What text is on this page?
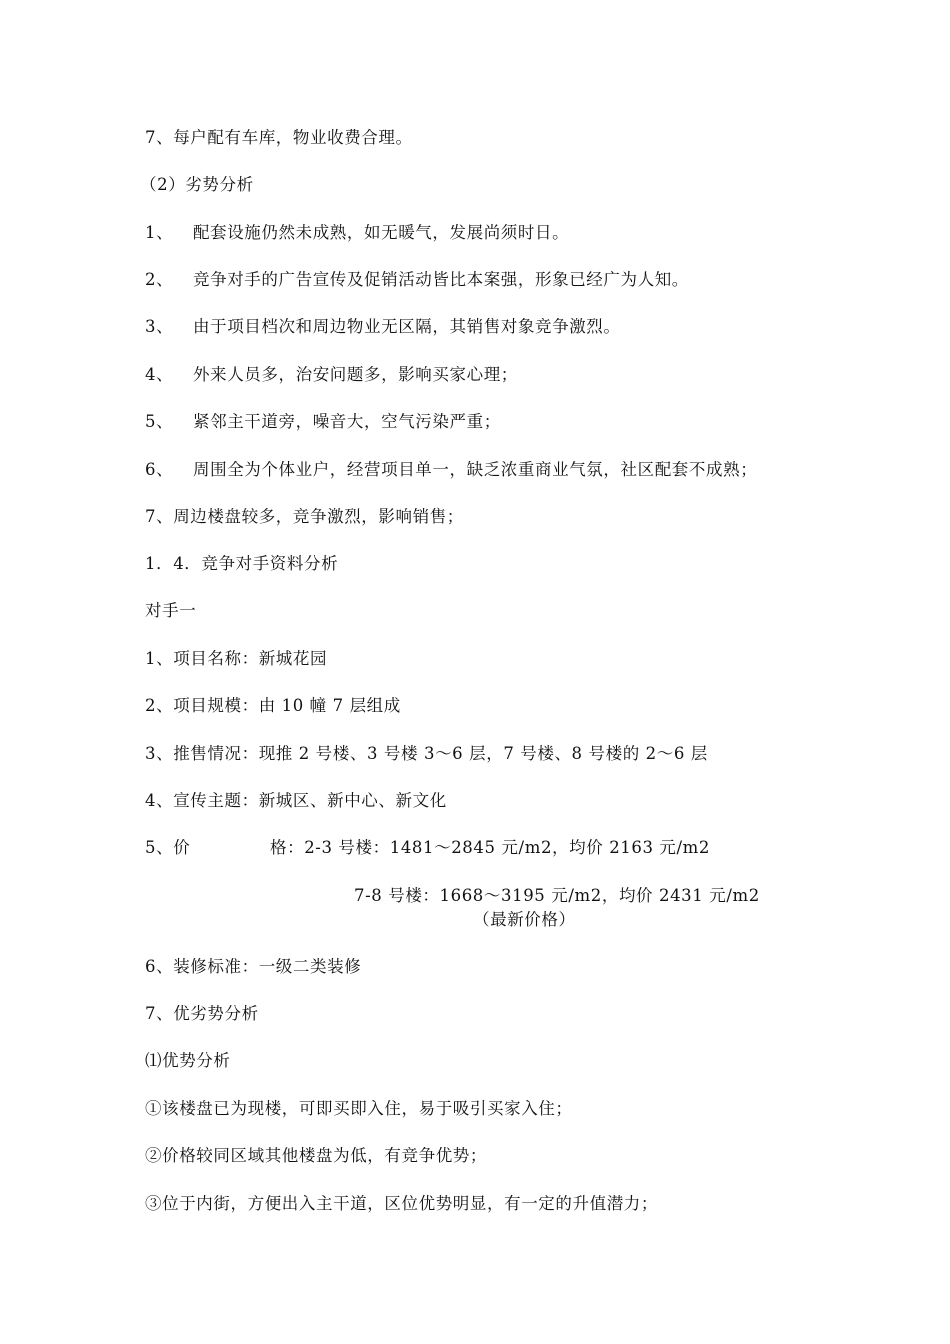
7、每户配有车库，物业收费合理。
（2）劣势分析
1、 配套设施仍然未成熟，如无暖气，发展尚须时日。
2、 竞争对手的广告宣传及促销活动皆比本案强，形象已经广为人知。
3、 由于项目档次和周边物业无区隔，其销售对象竞争激烈。
4、 外来人员多，治安问题多，影响买家心理；
5、 紧邻主干道旁，噪音大，空气污染严重；
6、 周围全为个体业户，经营项目单一，缺乏浓重商业气氛，社区配套不成熟；
7、周边楼盘较多，竞争激烈，影响销售；
1．4．竞争对手资料分析
对手一
1、项目名称：新城花园
2、项目规模：由 10 幢 7 层组成
3、推售情况：现推 2 号楼、3 号楼 3～6 层，7 号楼、8 号楼的 2～6 层
4、宣传主题：新城区、新中心、新文化
5、价	格：2-3 号楼：1481～2845 元/m2，均价 2163 元/m2
7-8 号楼：1668～3195 元/m2，均价 2431 元/m2
（最新价格）
6、装修标准：一级二类装修
7、优劣势分析
⑴优势分析
①该楼盘已为现楼，可即买即入住，易于吸引买家入住；
②价格较同区域其他楼盘为低，有竞争优势；
③位于内街，方便出入主干道，区位优势明显，有一定的升值潜力；
